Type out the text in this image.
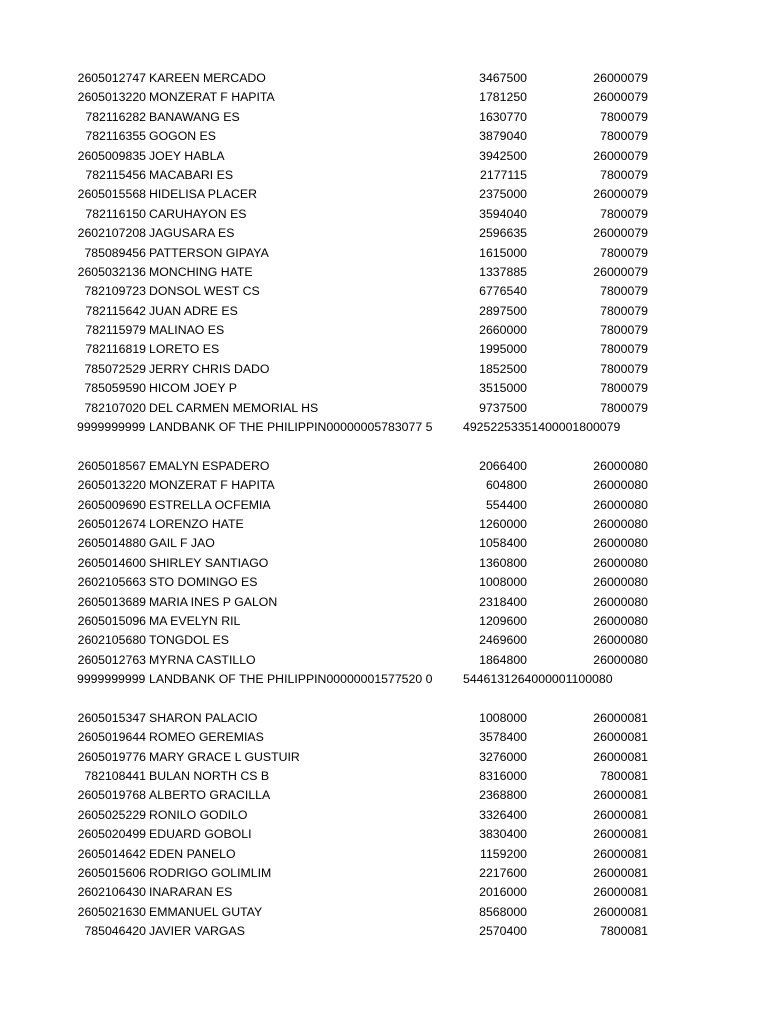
2605012747 KAREEN MERCADO	3467500	26000079
2605013220 MONZERAT F HAPITA	1781250	26000079
782116282 BANAWANG ES	1630770	7800079
782116355 GOGON ES	3879040	7800079
2605009835 JOEY HABLA	3942500	26000079
782115456 MACABARI ES	2177115	7800079
2605015568 HIDELISA PLACER	2375000	26000079
782116150 CARUHAYON ES	3594040	7800079
2602107208 JAGUSARA ES	2596635	26000079
785089456 PATTERSON GIPAYA	1615000	7800079
2605032136 MONCHING HATE	1337885	26000079
782109723 DONSOL WEST CS	6776540	7800079
782115642 JUAN ADRE ES	2897500	7800079
782115979 MALINAO ES	2660000	7800079
782116819 LORETO ES	1995000	7800079
785072529 JERRY CHRIS DADO	1852500	7800079
785059590 HICOM JOEY P	3515000	7800079
782107020 DEL CARMEN MEMORIAL HS	9737500	7800079
9999999999 LANDBANK OF THE PHILIPPIN00000005783077 5 49252253351400001800079
2605018567 EMALYN ESPADERO	2066400	26000080
2605013220 MONZERAT F HAPITA	604800	26000080
2605009690 ESTRELLA OCFEMIA	554400	26000080
2605012674 LORENZO HATE	1260000	26000080
2605014880 GAIL F JAO	1058400	26000080
2605014600 SHIRLEY SANTIAGO	1360800	26000080
2602105663 STO DOMINGO ES	1008000	26000080
2605013689 MARIA INES P GALON	2318400	26000080
2605015096 MA EVELYN RIL	1209600	26000080
2602105680 TONGDOL ES	2469600	26000080
2605012763 MYRNA CASTILLO	1864800	26000080
9999999999 LANDBANK OF THE PHILIPPIN00000001577520 0 5446131264000001100080
2605015347 SHARON PALACIO	1008000	26000081
2605019644 ROMEO GEREMIAS	3578400	26000081
2605019776 MARY GRACE L GUSTUIR	3276000	26000081
782108441 BULAN NORTH CS B	8316000	7800081
2605019768 ALBERTO GRACILLA	2368800	26000081
2605025229 RONILO GODILO	3326400	26000081
2605020499 EDUARD GOBOLI	3830400	26000081
2605014642 EDEN PANELO	1159200	26000081
2605015606 RODRIGO GOLIMLIM	2217600	26000081
2602106430 INARARAN ES	2016000	26000081
2605021630 EMMANUEL GUTAY	8568000	26000081
785046420 JAVIER VARGAS	2570400	7800081
